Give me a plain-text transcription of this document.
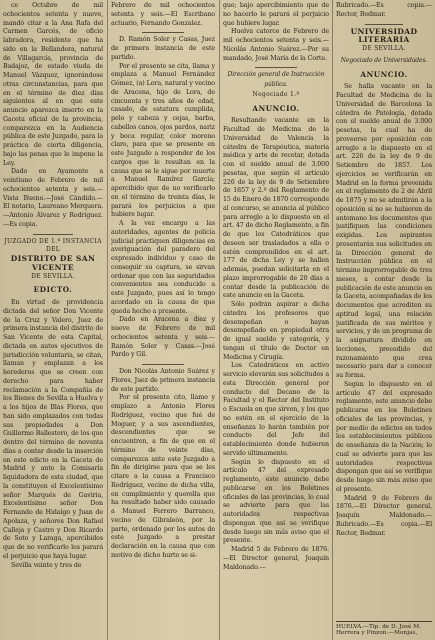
ce Octubre de mil ochocientos setenta y nueve, mandó citar a la Ana Rafa del Carmen Garcés, de oficio labradora, residente que ha sido en la Bellandera, natural de Villagarcía, provincia de Badajoz, de estado viuda de Manuel Vázquez, ignorándose otras circunstancias, para que en el término de diez días siguientes al en que este anuncio aparezca inserto en la Gaceta oficial de la provincia, comparezca en la Audiencia pública de este Juzgado, para la práctica de cierta diligencia, bajo las penas que le impone la Ley.
Dado en Ayamonte a veintiuno de Febrero de mil ochocientos setenta y seis.—Vista Bueno.—José Cándido.—El notario, Laureano Merquera.—Antonio Álvarez y Rodríguez.—Es copia.
JUZGADO DE 1.ª INSTANCIA DEL
DISTRITO DE SAN VICENTE
DE SEVILLA.
EDICTO.
En virtud de providencia dictada del señor Don Vicente de la Cruz y Valero, Juez de primera instancia del distrito de San Vicente de esta Capital, dictada en autos ejecutivos de jurisdicción voluntaria, se citan, llaman y emplazan a los herederos que se creen con derecho para haber reclamación a la Compañía de los Bienes de Sevilla a Huelva y a los hijos de Blas Flores, que han sido emplazados con todas sus propiedades a Don Guillermo Ballestero, de los que dentro del término de noventa días a contar desde la inserción en este edicto en la Gaceta de Madrid y ante la Comisaría liquidadora de esta ciudad, que la constituyen el Excelentísimo señor Marqués de Gaviria, Excelentísimo señor Don Fernando de Hidalgo y Juan de Apolaza, y señores Don Rafael Calleja y Castro y Don Ricardo de Soto y Laraga, apercibidos que de no verificarlo les parará el perjuicio que haya lugar.
Sevilla veinte y tres de
Febrero de mil ochocientos setenta y seis.—El Escribano actuario, Fernando Gonzalez.
D. Ramón Soler y Casas, Juez de primera instancia de este partido.
Por el presente se cita, llama y emplaza a Manuel Fernández Gómez, (a) Lora, natural y vecino de Aracena, hijo de Lora, de cincuenta y tres años de edad, casado, de estatura cumplida, pelo y cabeza y cejas, barba, cabellos canos, ojos pardos, nariz y boca regular, color moreno claro, para que se presente en este Juzgado a responder de los cargos que le resultan en la causa que se le sigue por muerte a Manuel Ramírez García; apercibido que de no verificarlo en el término de treinta días, le parará los perjuicios a que hubiere lugar.
A la vez encargo a las autoridades, agentes de policía judicial practiquen diligencias en averiguación del paradero del expresado individuo y caso de conseguir su captura, se sirvan ordenar que con las seguridades convenientes sea conducido a este Juzgado, pues así lo tengo acordado en la causa de que queda hecho a presente.
Dado en Aracena a diez y nueve de Febrero de mil ochocientos setenta y seis.—Ramón Soler y Casas.—José Pardo y Gil.
Don Nicolás Antonio Suárez y Flores, Juez de primera instancia de este partido.
Por el presente cito, llamo y emplazo a Antonio Flores Rodríguez, vecino que fué de Moguer, y a sus ascendientes, descendientes que se encuentren, a fin de que en el término de veinte días, comparezca ante este Juzgado a fin de dirigirse para que se les citare a la causa a Francisco Rodríguez, vecino de dicha villa, en cumplimiento y querella que ha resultado haber sido causado a Manuel Ferrero Barranco, vecino de Gibraleón, por la parte, ordenado por los autos de este Juzgado a prestar declaración en la causa que con motivo de dicho hurto se si-
gue; bajo apercibimiento que de no hacerlo le parará el perjuicio que hubiere lugar.
Huelva catorce de Febrero de mil ochocientos setenta y seis.—Nicolás Antonio Suárez.—Por su mandado, José María de la Corte.
Dirección general de Instrucción
pública.
Negociado 1.º
ANUNCIO.
Resultando vacante en la Facultad de Medicina de la Universidad de Valencia la cátedra de Terapéutica, materia médica y arte de recetar, dotada con el sueldo anual de 3.000 pesetas, que según el artículo 226 de la ley de 9 de Setiembre de 1857 y 2.º del Reglamento de 15 de Enero de 1870 corresponde al concurso, se anuncia al público para arreglo a lo dispuesto en el art. 47 de dicho Reglamento, a fin de que los Catedráticos que deseen ser trasladados a ella o estén comprendidos en el art. 177 de dicha Ley y se hallen además, puedan solicitarla en el plazo improrrogable de 20 días a contar desde la publicación de este anuncio en la Gaceta.
Sólo podrán aspirar a dicha cátedra los profesores que desempeñan o hayan desempeñado en propiedad otra de igual sueldo y categoría, y tengan el título de Doctor en Medicina y Cirugía.
Los Catedráticos en activo servicio elevarán sus solicitudes a esta Dirección general por conducto del Decano de la Facultad y el Rector del Instituto o Escuela en que sirven, y los que no estén en el ejercicio de la enseñanza lo harán también por conducto del Jefe del establecimiento donde hubieren servido últimamente.
Según lo dispuesto en el artículo 47 del expresado reglamento, este anuncio debe publicarse en los Boletines oficiales de las provincias, lo cual se advierte para que las autoridades respectivas dispongan que así se verifique desde luego sin más aviso que el presente.
Madrid 5 de Febrero de 1876.—El Director general, Joaquín Maldonado.—
Rubricado.—Es copia.—Rector, Bedmar.
UNIVERSIDAD LITERARIA
DE SEVILLA.
Negociado de Universidades.
ANUNCIO.
Se halla vacante en la Facultad de Medicina de la Universidad de Barcelona la cátedra de Patología, dotada con el sueldo anual de 3.000 pesetas, la cual ha de proveerse por oposición con arreglo a lo dispuesto en el art. 226 de la ley de 9 de Setiembre de 1857. Los ejercicios se verificarán en Madrid en la forma prevenida en el reglamento de 2 de Abril de 1875 y no se admitirán a la oposición si no se hubieren de antemano los documentos que justifiquen las condiciones exigidas. Los aspirantes presentarán sus solicitudes en la Dirección general de Instrucción pública en el término improrrogable de tres meses, a contar desde la publicación de este anuncio en la Gaceta, acompañadas de los documentos que acrediten su aptitud legal, una relación justificada de sus méritos y servicios, y de un programa de la asignatura dividido en lecciones, precedido del razonamiento que crea necesario para dar a conocer su forma.
Según lo dispuesto en el artículo 47 del expresado reglamento, este anuncio debe publicarse en los Boletines oficiales de las provincias, y por medio de edictos en todos los establecimientos públicos de enseñanza de la Nación; lo cual se advierte para que las autoridades respectivas dispongan que así se verifique desde luego sin más aviso que el presente.
Madrid 9 de Febrero de 1876.—El Director general, Joaquín Maldonado.—Rubricado.—Es copia.—El Rector, Bedmar.
HUELVA.—Tip. de D. José M. Herrera y Pinzon.—Monjas,
